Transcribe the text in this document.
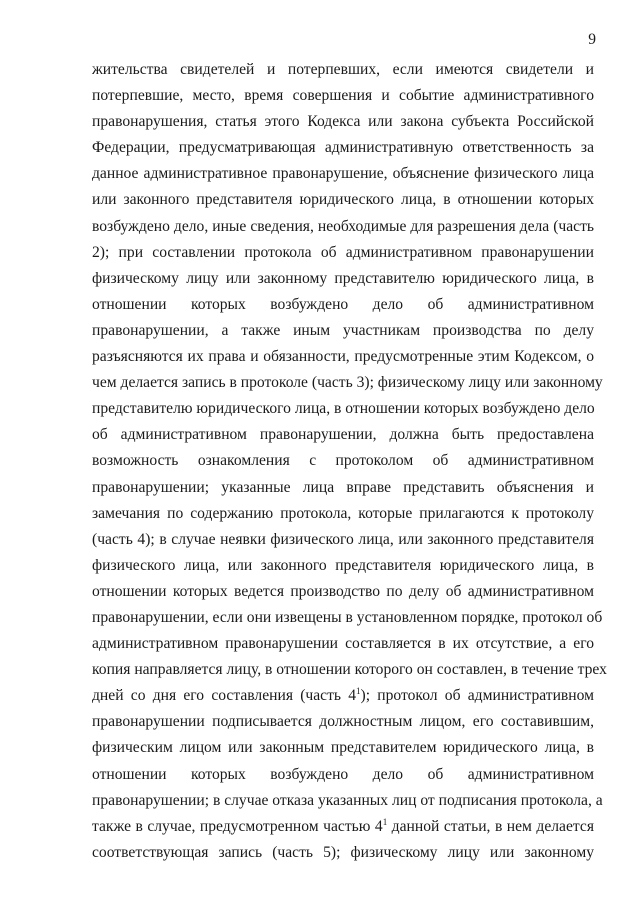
9
жительства свидетелей и потерпевших, если имеются свидетели и
потерпевшие, место, время совершения и событие административного
правонарушения, статья этого Кодекса или закона субъекта Российской
Федерации, предусматривающая административную ответственность за
данное административное правонарушение, объяснение физического лица
или законного представителя юридического лица, в отношении которых
возбуждено дело, иные сведения, необходимые для разрешения дела (часть
2); при составлении протокола об административном правонарушении
физическому лицу или законному представителю юридического лица, в
отношении которых возбуждено дело об административном
правонарушении, а также иным участникам производства по делу
разъясняются их права и обязанности, предусмотренные этим Кодексом, о
чем делается запись в протоколе (часть 3); физическому лицу или законному
представителю юридического лица, в отношении которых возбуждено дело
об административном правонарушении, должна быть предоставлена
возможность ознакомления с протоколом об административном
правонарушении; указанные лица вправе представить объяснения и
замечания по содержанию протокола, которые прилагаются к протоколу
(часть 4); в случае неявки физического лица, или законного представителя
физического лица, или законного представителя юридического лица, в
отношении которых ведется производство по делу об административном
правонарушении, если они извещены в установленном порядке, протокол об
административном правонарушении составляется в их отсутствие, а его
копия направляется лицу, в отношении которого он составлен, в течение трех
дней со дня его составления (часть $4^1$); протокол об административном
правонарушении подписывается должностным лицом, его составившим,
физическим лицом или законным представителем юридического лица, в
отношении которых возбуждено дело об административном
правонарушении; в случае отказа указанных лиц от подписания протокола, а
также в случае, предусмотренном частью $4^1$ данной статьи, в нем делается
соответствующая запись (часть 5); физическому лицу или законному
